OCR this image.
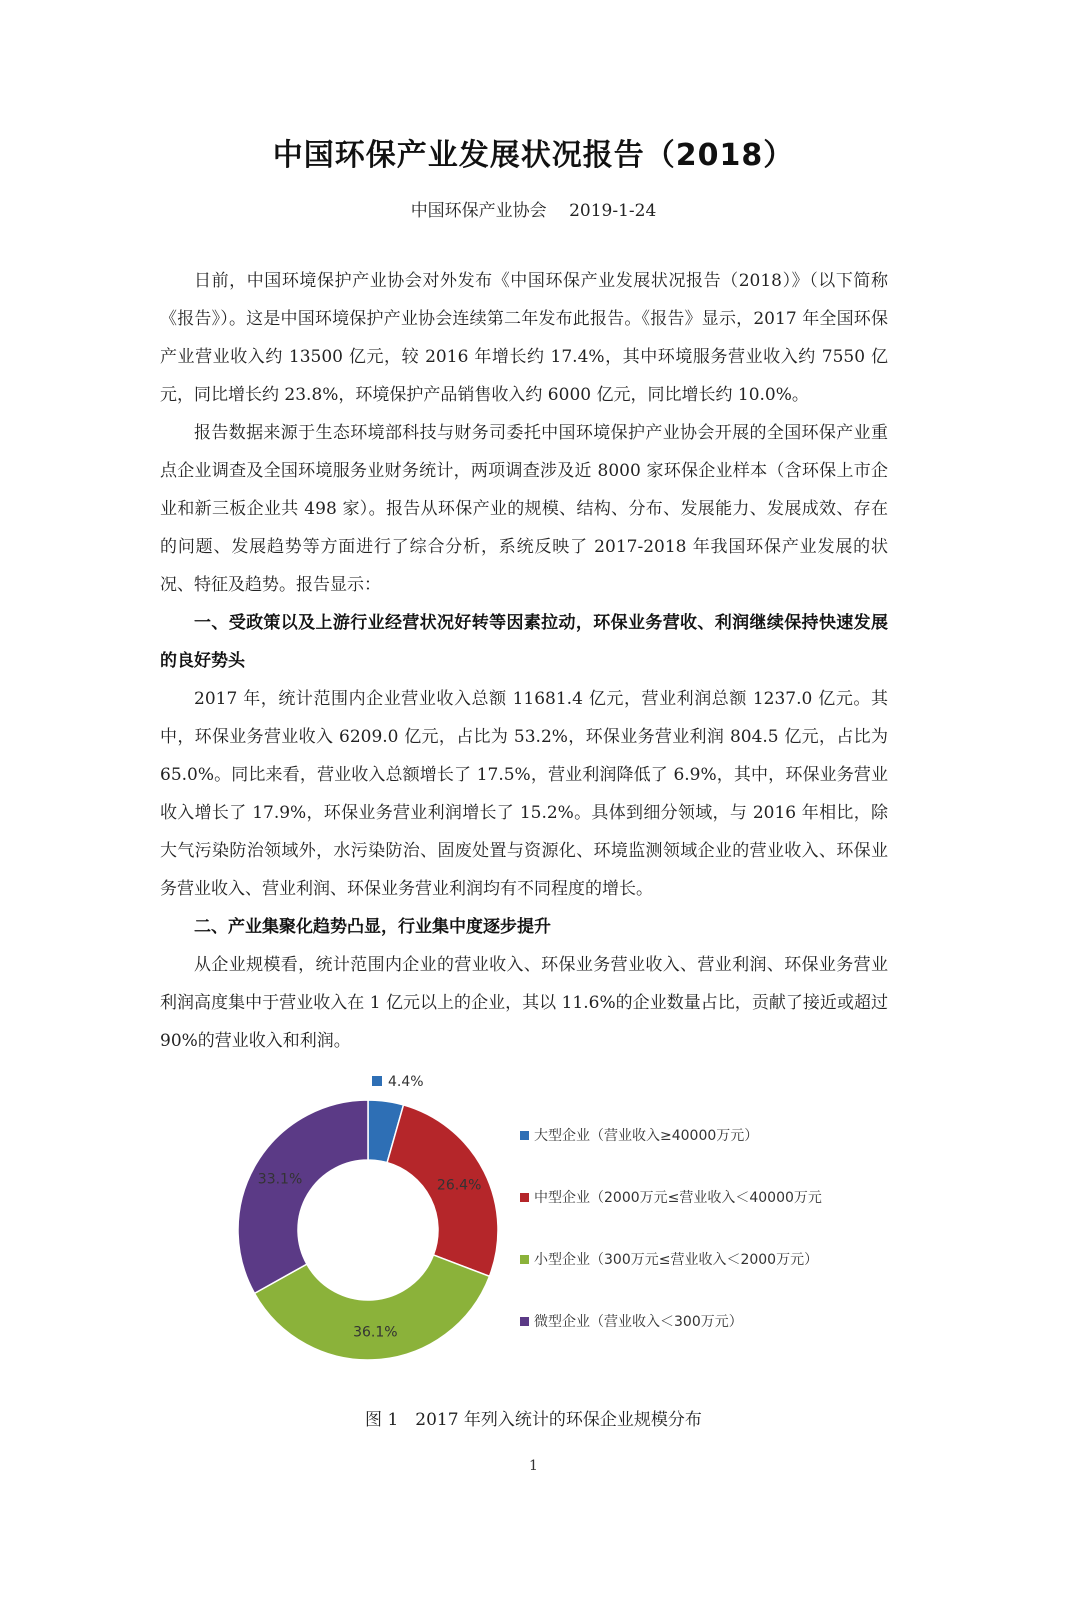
中国环保产业发展状况报告（2018）
中国环保产业协会　 2019-1-24

日前，中国环境保护产业协会对外发布《中国环保产业发展状况报告（2018）》（以下简称《报告》）。这是中国环境保护产业协会连续第二年发布此报告。《报告》显示，2017 年全国环保产业营业收入约 13500 亿元，较 2016 年增长约 17.4%，其中环境服务营业收入约 7550 亿元，同比增长约 23.8%，环境保护产品销售收入约 6000 亿元，同比增长约 10.0%。

报告数据来源于生态环境部科技与财务司委托中国环境保护产业协会开展的全国环保产业重点企业调查及全国环境服务业财务统计，两项调查涉及近 8000 家环保企业样本（含环保上市企业和新三板企业共 498 家）。报告从环保产业的规模、结构、分布、发展能力、发展成效、存在的问题、发展趋势等方面进行了综合分析，系统反映了 2017-2018 年我国环保产业发展的状况、特征及趋势。报告显示：

一、受政策以及上游行业经营状况好转等因素拉动，环保业务营收、利润继续保持快速发展的良好势头

2017 年，统计范围内企业营业收入总额 11681.4 亿元，营业利润总额 1237.0 亿元。其中，环保业务营业收入 6209.0 亿元，占比为 53.2%，环保业务营业利润 804.5 亿元，占比为 65.0%。同比来看，营业收入总额增长了 17.5%，营业利润降低了 6.9%，其中，环保业务营业收入增长了 17.9%，环保业务营业利润增长了 15.2%。具体到细分领域，与 2016 年相比，除大气污染防治领域外，水污染防治、固废处置与资源化、环境监测领域企业的营业收入、环保业务营业收入、营业利润、环保业务营业利润均有不同程度的增长。

二、产业集聚化趋势凸显，行业集中度逐步提升

从企业规模看，统计范围内企业的营业收入、环保业务营业收入、营业利润、环保业务营业利润高度集中于营业收入在 1 亿元以上的企业，其以 11.6%的企业数量占比，贡献了接近或超过 90%的营业收入和利润。

4.4%
26.4%
36.1%
33.1%
大型企业（营业收入≥40000万元）
中型企业（2000万元≤营业收入＜40000万元
小型企业（300万元≤营业收入＜2000万元）
微型企业（营业收入＜300万元）
图 1　2017 年列入统计的环保企业规模分布
1
